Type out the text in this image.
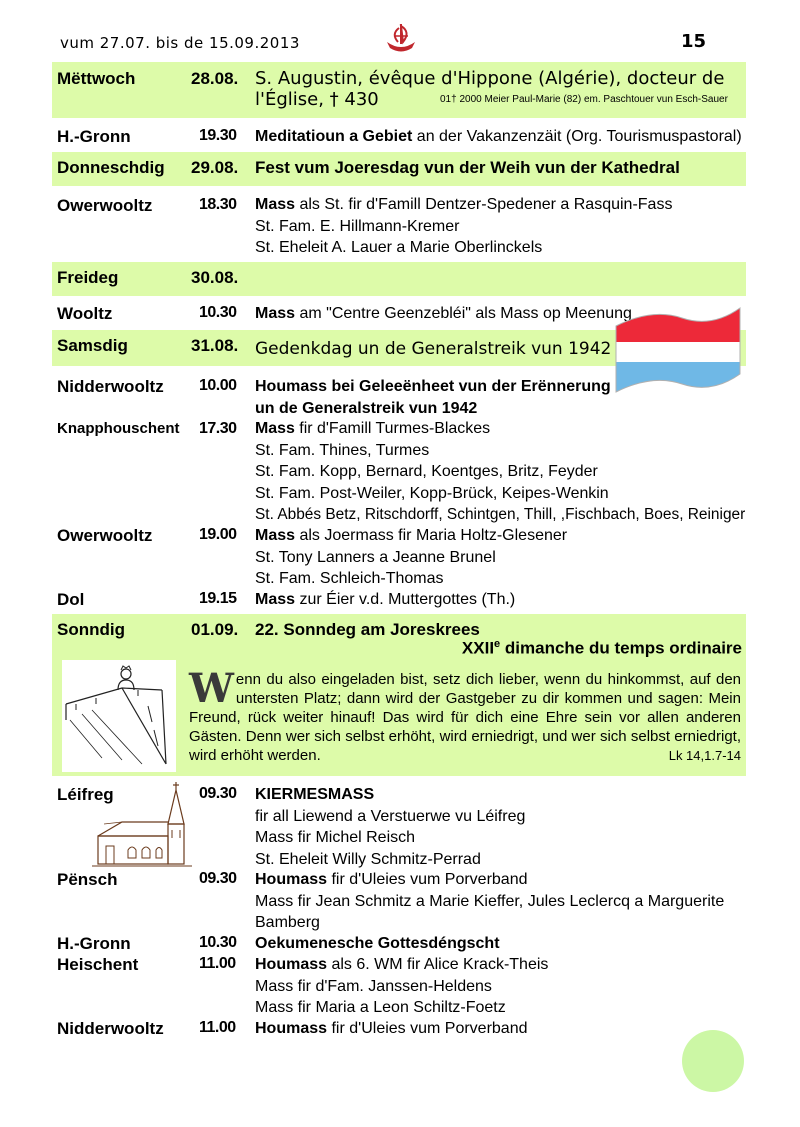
vum 27.07. bis de 15.09.2013	15
Mëttwoch	28.08. S. Augustin, évêque d'Hippone (Algérie), docteur de
l'Église, † 430	01† 2000 Meier Paul-Marie (82) em. Paschtouer vun Esch-Sauer
H.-Gronn	19.30 Meditatioun a Gebiet an der Vakanzenzäit (Org. Tourismuspastoral)
Donneschdig 29.08. Fest vum Joeresdag vun der Weih vun der Kathedral
Owerwooltz	18.30 Mass als St. fir d'Famill Dentzer-Spedener a Rasquin-Fass
St. Fam. E. Hillmann-Kremer
St. Eheleit A. Lauer a Marie Oberlinckels
Freideg	30.08.
Wooltz	10.30 Mass am "Centre Geenzebléi" als Mass op Meenung
Samsdig	31.08. Gedenkdag un de Generalstreik vun 1942
Nidderwooltz 10.00 Houmass bei Geleeënheet vun der Erënnerung
un de Generalstreik vun 1942
Knapphouschent 17.30 Mass fir d'Famill Turmes-Blackes
St. Fam. Thines, Turmes
St. Fam. Kopp, Bernard, Koentges, Britz, Feyder
St. Fam. Post-Weiler, Kopp-Brück, Keipes-Wenkin
St. Abbés Betz, Ritschdorff, Schintgen, Thill, ,Fischbach, Boes, Reiniger
Owerwooltz	19.00 Mass als Joermass fir Maria Holtz-Glesener
St. Tony Lanners a Jeanne Brunel
St. Fam. Schleich-Thomas
Dol	19.15 Mass zur Éier v.d. Muttergottes (Th.)
Sonndig	01.09. 22. Sonndeg am Joreskrees
XXIIe dimanche du temps ordinaire
Wenn du also eingeladen bist, setz dich lieber, wenn du hinkommst, auf den untersten Platz; dann wird der Gastgeber zu dir kommen und sagen: Mein Freund, rück weiter hinauf! Das wird für dich eine Ehre sein vor allen anderen Gästen. Denn wer sich selbst erhöht, wird erniedrigt, und wer sich selbst erniedrigt, wird erhöht werden.	Lk 14,1.7-14
Léifreg	09.30 KIERMESMASS
fir all Liewend a Verstuerwe vu Léifreg
Mass fir Michel Reisch
St. Eheleit Willy Schmitz-Perrad
Pënsch	09.30 Houmass fir d'Uleies vum Porverband
Mass fir Jean Schmitz a Marie Kieffer, Jules Leclercq a Marguerite
Bamberg
H.-Gronn	10.30 Oekumenesche Gottesdéngscht
Heischent	11.00 Houmass als 6. WM fir Alice Krack-Theis
Mass fir d'Fam. Janssen-Heldens
Mass fir Maria a Leon Schiltz-Foetz
Nidderwooltz 11.00 Houmass fir d'Uleies vum Porverband
